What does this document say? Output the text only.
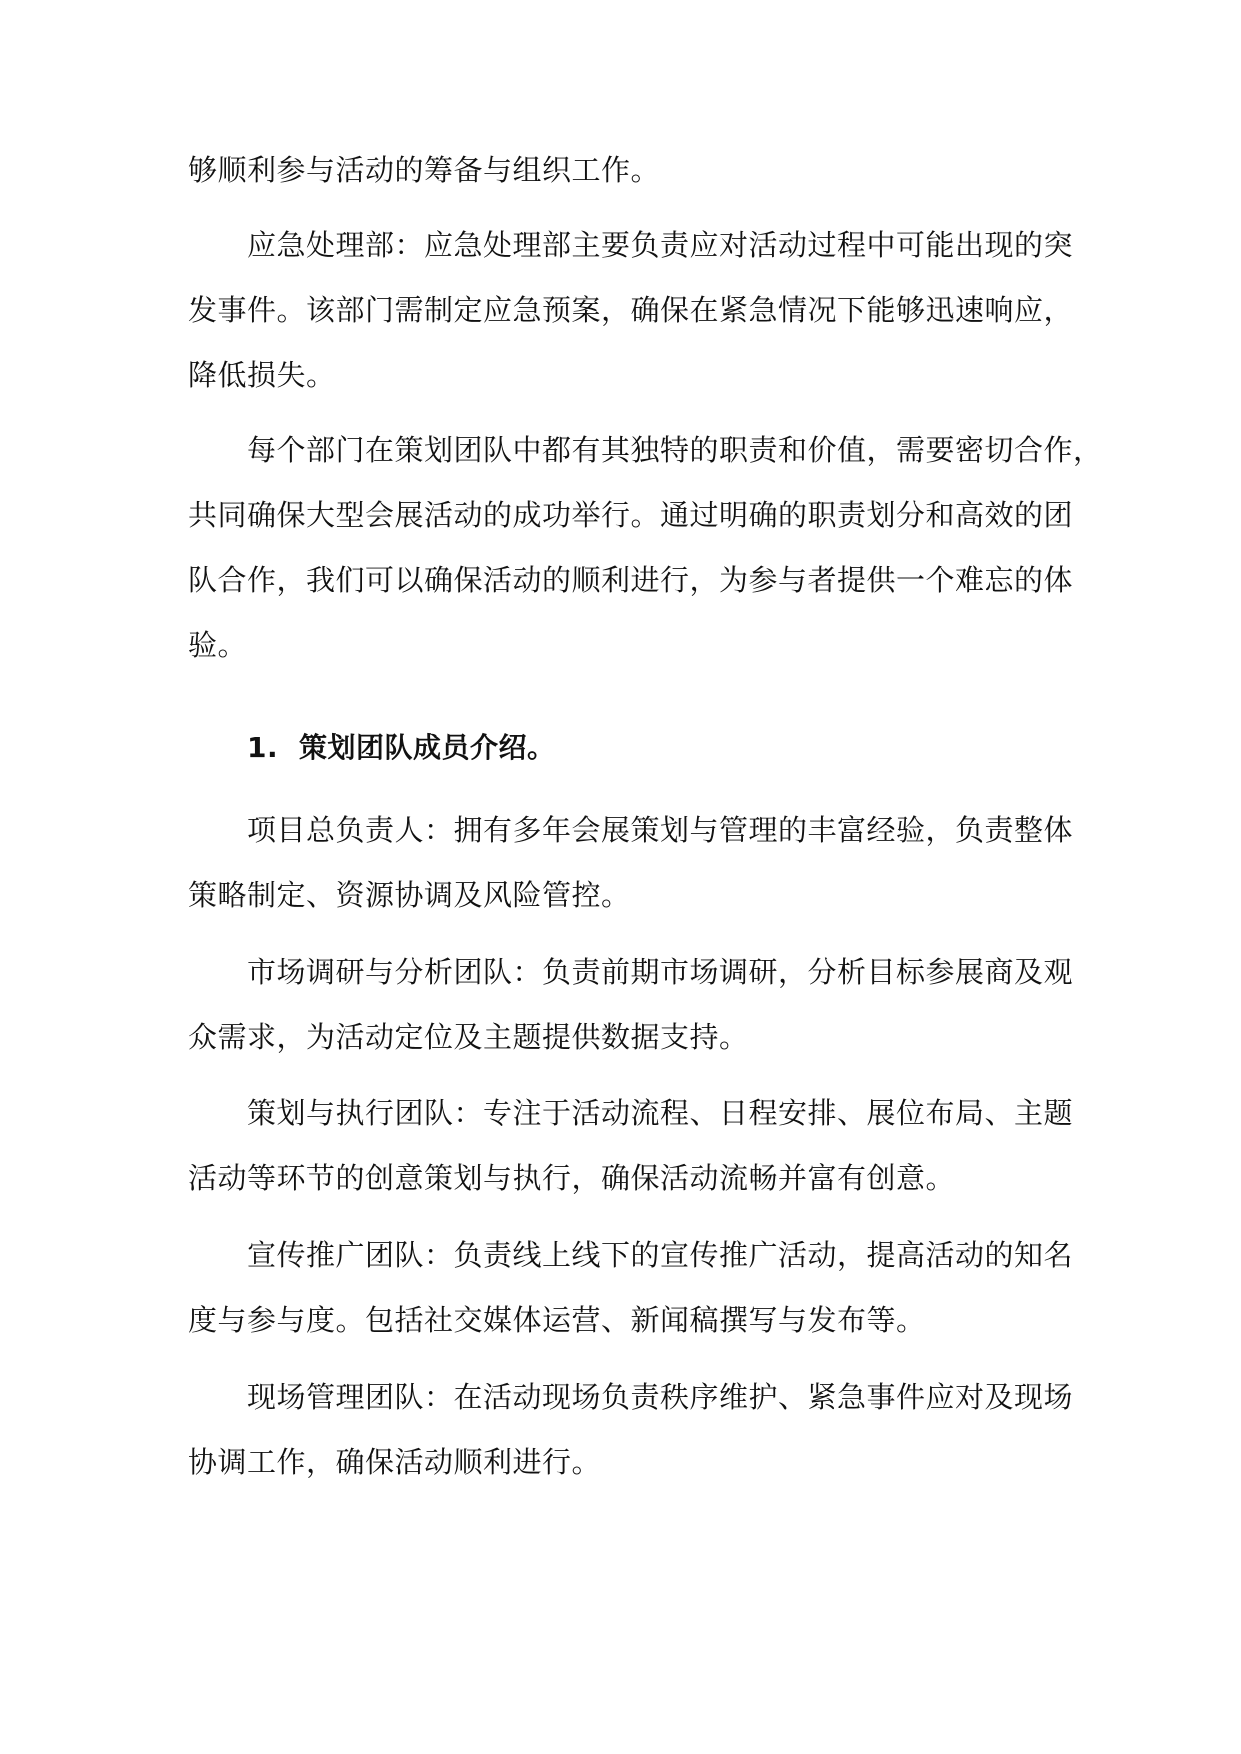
够顺利参与活动的筹备与组织工作。
应急处理部：应急处理部主要负责应对活动过程中可能出现的突
发事件。该部门需制定应急预案，确保在紧急情况下能够迅速响应，
降低损失。
每个部门在策划团队中都有其独特的职责和价值，需要密切合作，
共同确保大型会展活动的成功举行。通过明确的职责划分和高效的团
队合作，我们可以确保活动的顺利进行，为参与者提供一个难忘的体
验。
1. 策划团队成员介绍。
项目总负责人：拥有多年会展策划与管理的丰富经验，负责整体
策略制定、资源协调及风险管控。
市场调研与分析团队：负责前期市场调研，分析目标参展商及观
众需求，为活动定位及主题提供数据支持。
策划与执行团队：专注于活动流程、日程安排、展位布局、主题
活动等环节的创意策划与执行，确保活动流畅并富有创意。
宣传推广团队：负责线上线下的宣传推广活动，提高活动的知名
度与参与度。包括社交媒体运营、新闻稿撰写与发布等。
现场管理团队：在活动现场负责秩序维护、紧急事件应对及现场
协调工作，确保活动顺利进行。
